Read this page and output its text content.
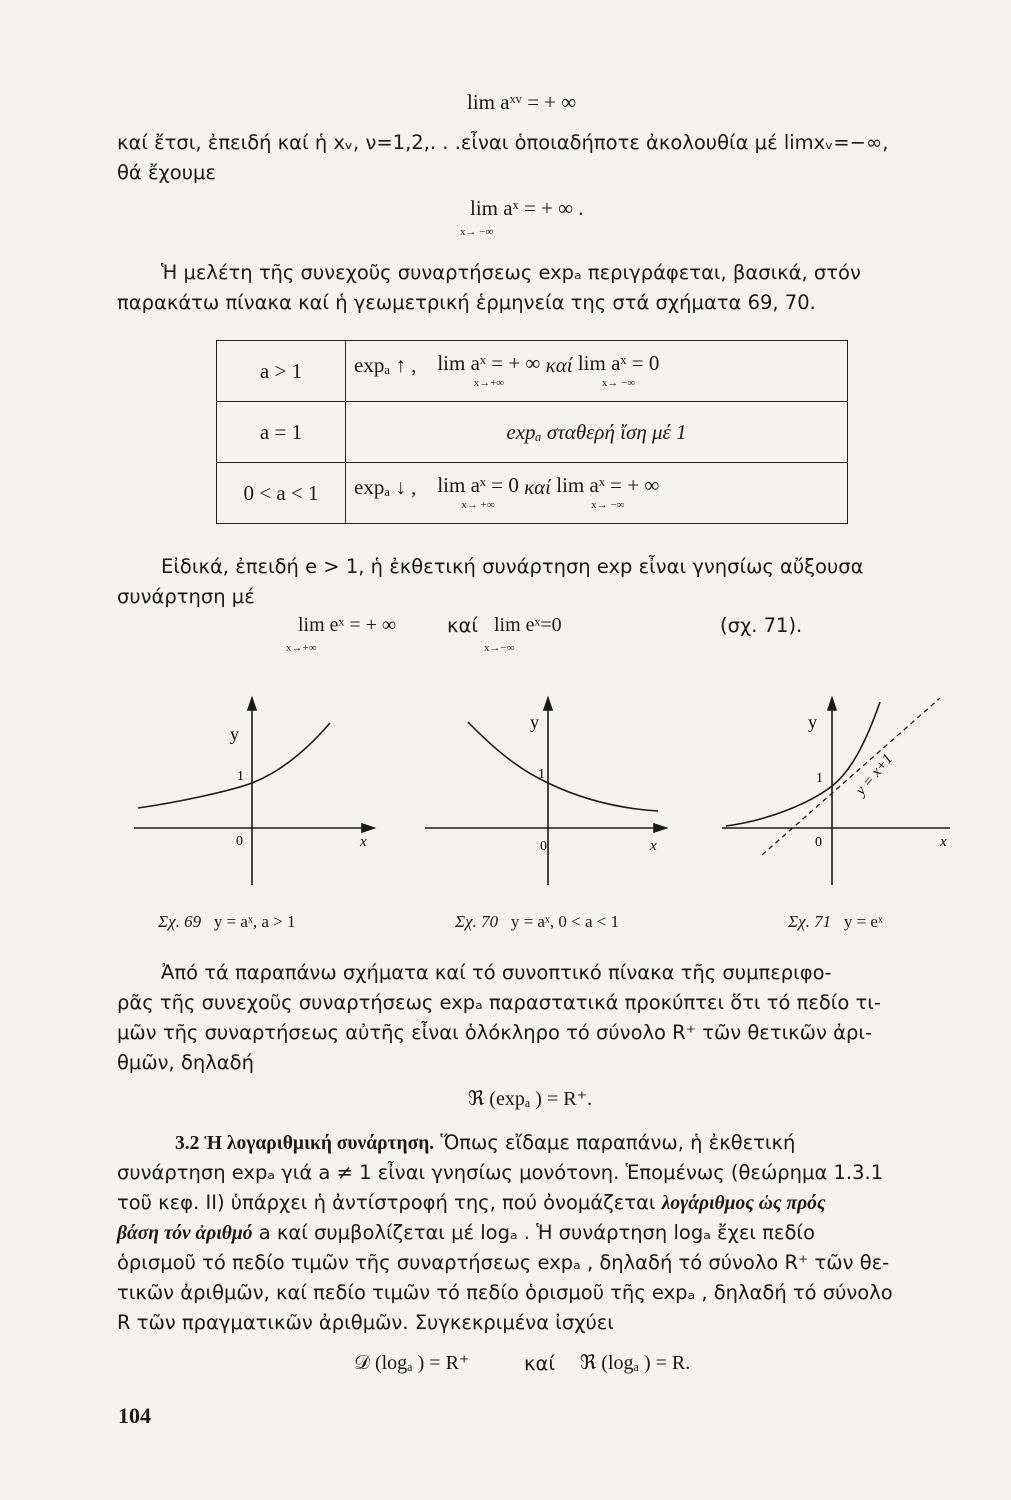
lim aˣᵛ = + ∞
καί ἔτσι, ἐπειδή καί ἡ xᵥ, ν=1,2,. . .εἶναι ὁποιαδήποτε ἀκολουθία μέ limxᵥ=−∞,
θά ἔχουμε
lim aˣ = + ∞ .
x→ −∞
Ἡ μελέτη τῆς συνεχοῦς συναρτήσεως expₐ περιγράφεται, βασικά, στόν
παρακάτω πίνακα καί ἡ γεωμετρική ἑρμηνεία της στά σχήματα 69, 70.
a > 1	expₐ ↑ , lim aˣ = + ∞
x→+∞
καί lim aˣ = 0
x→ −∞

a = 1	expₐ σταθερή ἴση μέ 1
0 < a < 1	expₐ ↓ , lim aˣ = 0
x→ +∞
καί lim aˣ = + ∞
x→ −∞
Εἰδικά, ἐπειδή e > 1, ἡ ἐκθετική συνάρτηση exp εἶναι γνησίως αὔξουσα
συνάρτηση μέ
lim eˣ = + ∞
x→+∞
καί lim eˣ=0
x→−∞
(σχ. 71).
y
1
0	x
y
1
0	x
y
1
0	x
y = x+1
Σχ. 69 y = aˣ, a > 1	Σχ. 70 y = aˣ, 0 < a < 1	Σχ. 71 y = eˣ
Ἀπό τά παραπάνω σχήματα καί τό συνοπτικό πίνακα τῆς συμπεριφο-
ρᾶς τῆς συνεχοῦς συναρτήσεως expₐ παραστατικά προκύπτει ὅτι τό πεδίο τι-
μῶν τῆς συναρτήσεως αὐτῆς εἶναι ὁλόκληρο τό σύνολο R⁺ τῶν θετικῶν ἀρι-
θμῶν, δηλαδή
ℜ (expₐ ) = R⁺.
3.2 Ἡ λογαριθμική συνάρτηση. Ὅπως εἴδαμε παραπάνω, ἡ ἐκθετική
συνάρτηση expₐ γιά a ≠ 1 εἶναι γνησίως μονότονη. Ἑπομένως (θεώρημα 1.3.1
τοῦ κεφ. ΙΙ) ὑπάρχει ἡ ἀντίστροφή της, πού ὀνομάζεται λογάριθμος ὡς πρός
βάση τόν ἀριθμό a καί συμβολίζεται μέ logₐ . Ἡ συνάρτηση logₐ ἔχει πεδίο
ὁρισμοῦ τό πεδίο τιμῶν τῆς συναρτήσεως expₐ , δηλαδή τό σύνολο R⁺ τῶν θε-
τικῶν ἀριθμῶν, καί πεδίο τιμῶν τό πεδίο ὁρισμοῦ τῆς expₐ , δηλαδή τό σύνολο
R τῶν πραγματικῶν ἀριθμῶν. Συγκεκριμένα ἰσχύει
𝒟 (logₐ ) = R⁺	καί ℜ (logₐ ) = R.
104
